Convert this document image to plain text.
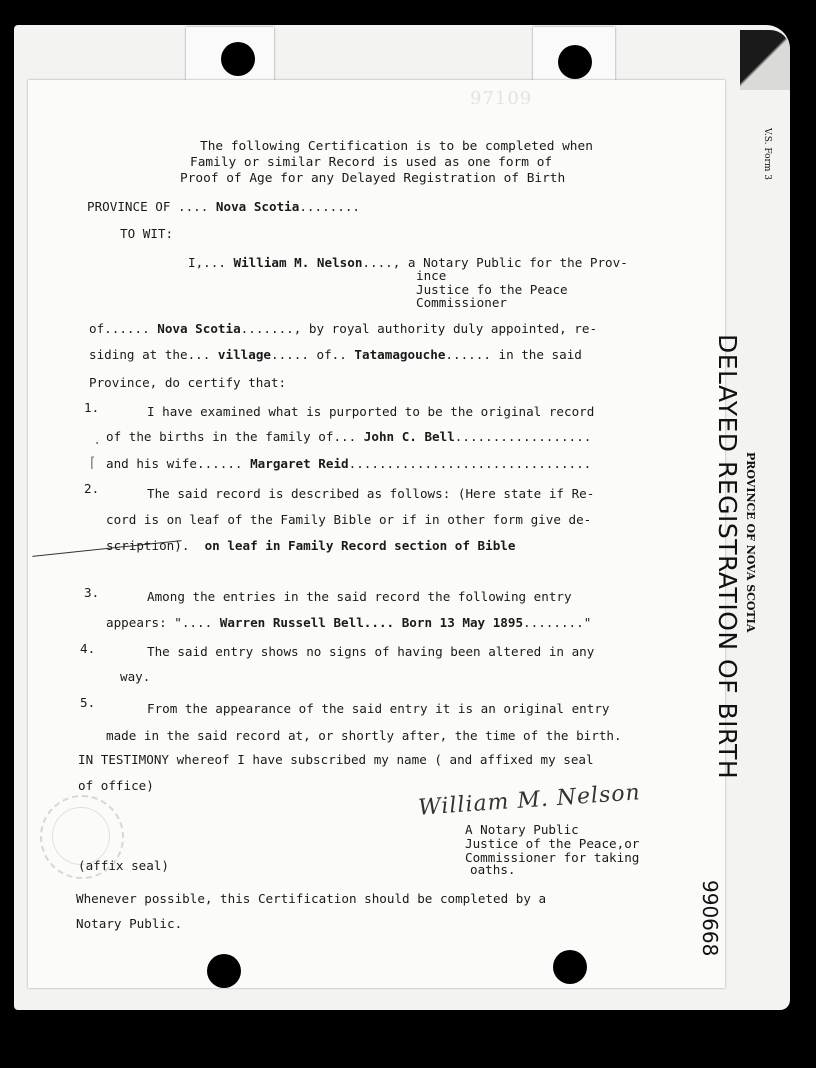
97109
.
⌈
The following Certification is to be completed when
Family or similar Record is used as one form of
Proof of Age for any Delayed Registration of Birth
PROVINCE OF .... Nova Scotia........
TO WIT:
I,... William M. Nelson...., a Notary Public for the Prov-
ince
Justice fo the Peace
Commissioner
of...... Nova Scotia......., by royal authority duly appointed, re-
siding at the... village..... of.. Tatamagouche...... in the said
Province, do certify that:
1.	I have examined what is purported to be the original record
of the births in the family of... John C. Bell..................
and his wife...... Margaret Reid................................
2.	The said record is described as follows: (Here state if Re-
cord is on leaf of the Family Bible or if in other form give de-
scription). on leaf in Family Record section of Bible
3.	Among the entries in the said record the following entry
appears: ".... Warren Russell Bell.... Born 13 May 1895........"
4.	The said entry shows no signs of having been altered in any
way.
5.	From the appearance of the said entry it is an original entry
made in the said record at, or shortly after, the time of the birth.
IN TESTIMONY whereof I have subscribed my name ( and affixed my seal
of office)	William M. Nelson
A Notary Public
Justice of the Peace,or
Commissioner for taking
oaths.
(affix seal)
Whenever possible, this Certification should be completed by a
Notary Public.
V.S. Form 3
PROVINCE OF NOVA SCOTIA
DELAYED REGISTRATION OF BIRTH
990668
